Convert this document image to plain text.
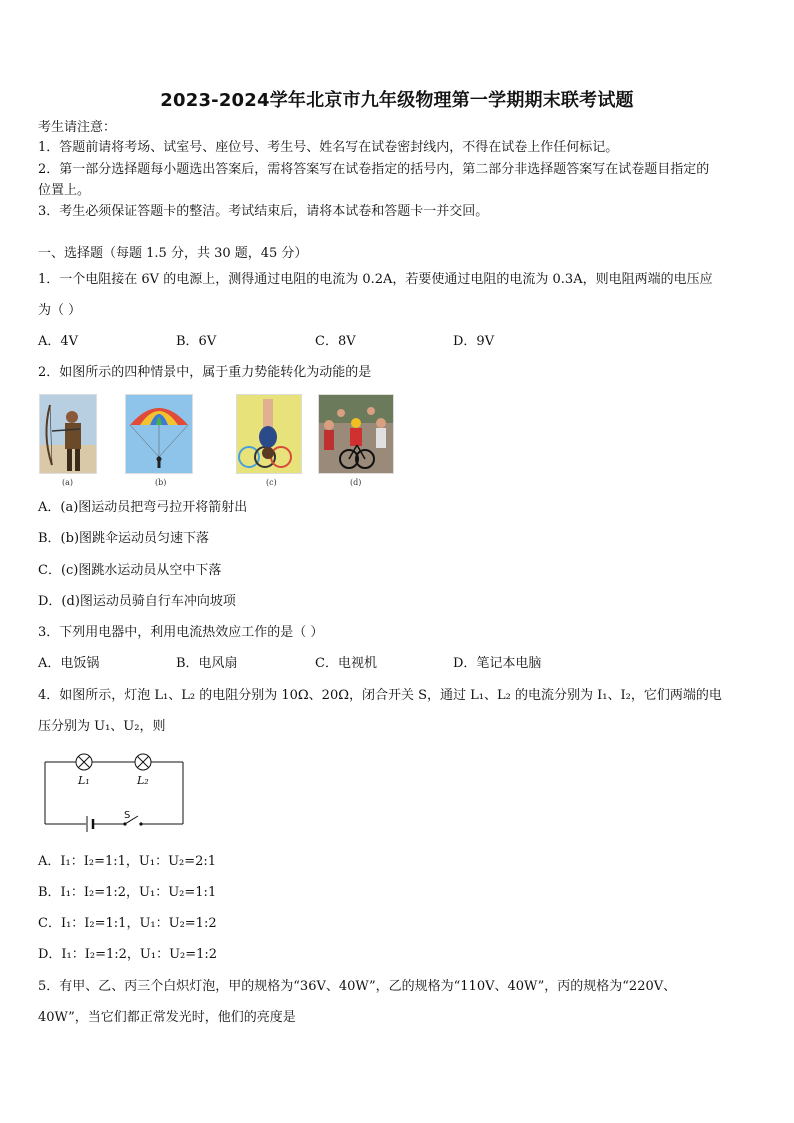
2023-2024学年北京市九年级物理第一学期期末联考试题
考生请注意：
1．答题前请将考场、试室号、座位号、考生号、姓名写在试卷密封线内，不得在试卷上作任何标记。
2．第一部分选择题每小题选出答案后，需将答案写在试卷指定的括号内，第二部分非选择题答案写在试卷题目指定的
位置上。
3．考生必须保证答题卡的整洁。考试结束后，请将本试卷和答题卡一并交回。
一、选择题（每题 1.5 分，共 30 题，45 分）
1．一个电阻接在 6V 的电源上，测得通过电阻的电流为 0.2A，若要使通过电阻的电流为 0.3A，则电阻两端的电压应
为（ ）
A．4V	B．6V	C．8V	D．9V
2．如图所示的四种情景中，属于重力势能转化为动能的是
(a)	(b)	(c)	(d)
A．(a)图运动员把弯弓拉开将箭射出
B．(b)图跳伞运动员匀速下落
C．(c)图跳水运动员从空中下落
D．(d)图运动员骑自行车冲向坡项
3．下列用电器中，利用电流热效应工作的是（ ）
A．电饭锅	B．电风扇	C．电视机	D．笔记本电脑
4．如图所示，灯泡 L₁、L₂ 的电阻分别为 10Ω、20Ω，闭合开关 S，通过 L₁、L₂ 的电流分别为 I₁、I₂，它们两端的电
压分别为 U₁、U₂，则
L₁	L₂
S
A．I₁：I₂=1:1，U₁：U₂=2:1
B．I₁：I₂=1:2，U₁：U₂=1:1
C．I₁：I₂=1:1，U₁：U₂=1:2
D．I₁：I₂=1:2，U₁：U₂=1:2
5．有甲、乙、丙三个白炽灯泡，甲的规格为“36V、40W”，乙的规格为“110V、40W”，丙的规格为“220V、
40W”，当它们都正常发光时，他们的亮度是
